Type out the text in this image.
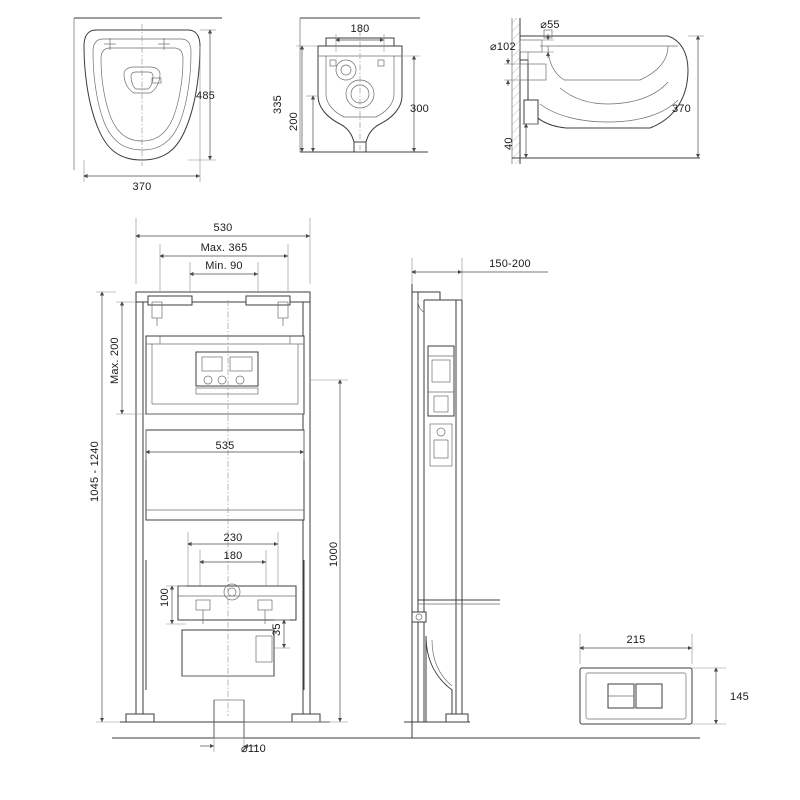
485
370
180
335
200
300
⌀55
⌀102
370
40
530
Max. 365
Min. 90
Max. 200
1045 - 1240	535
1000
230
180
100
35
⌀110
150-200
215
145
